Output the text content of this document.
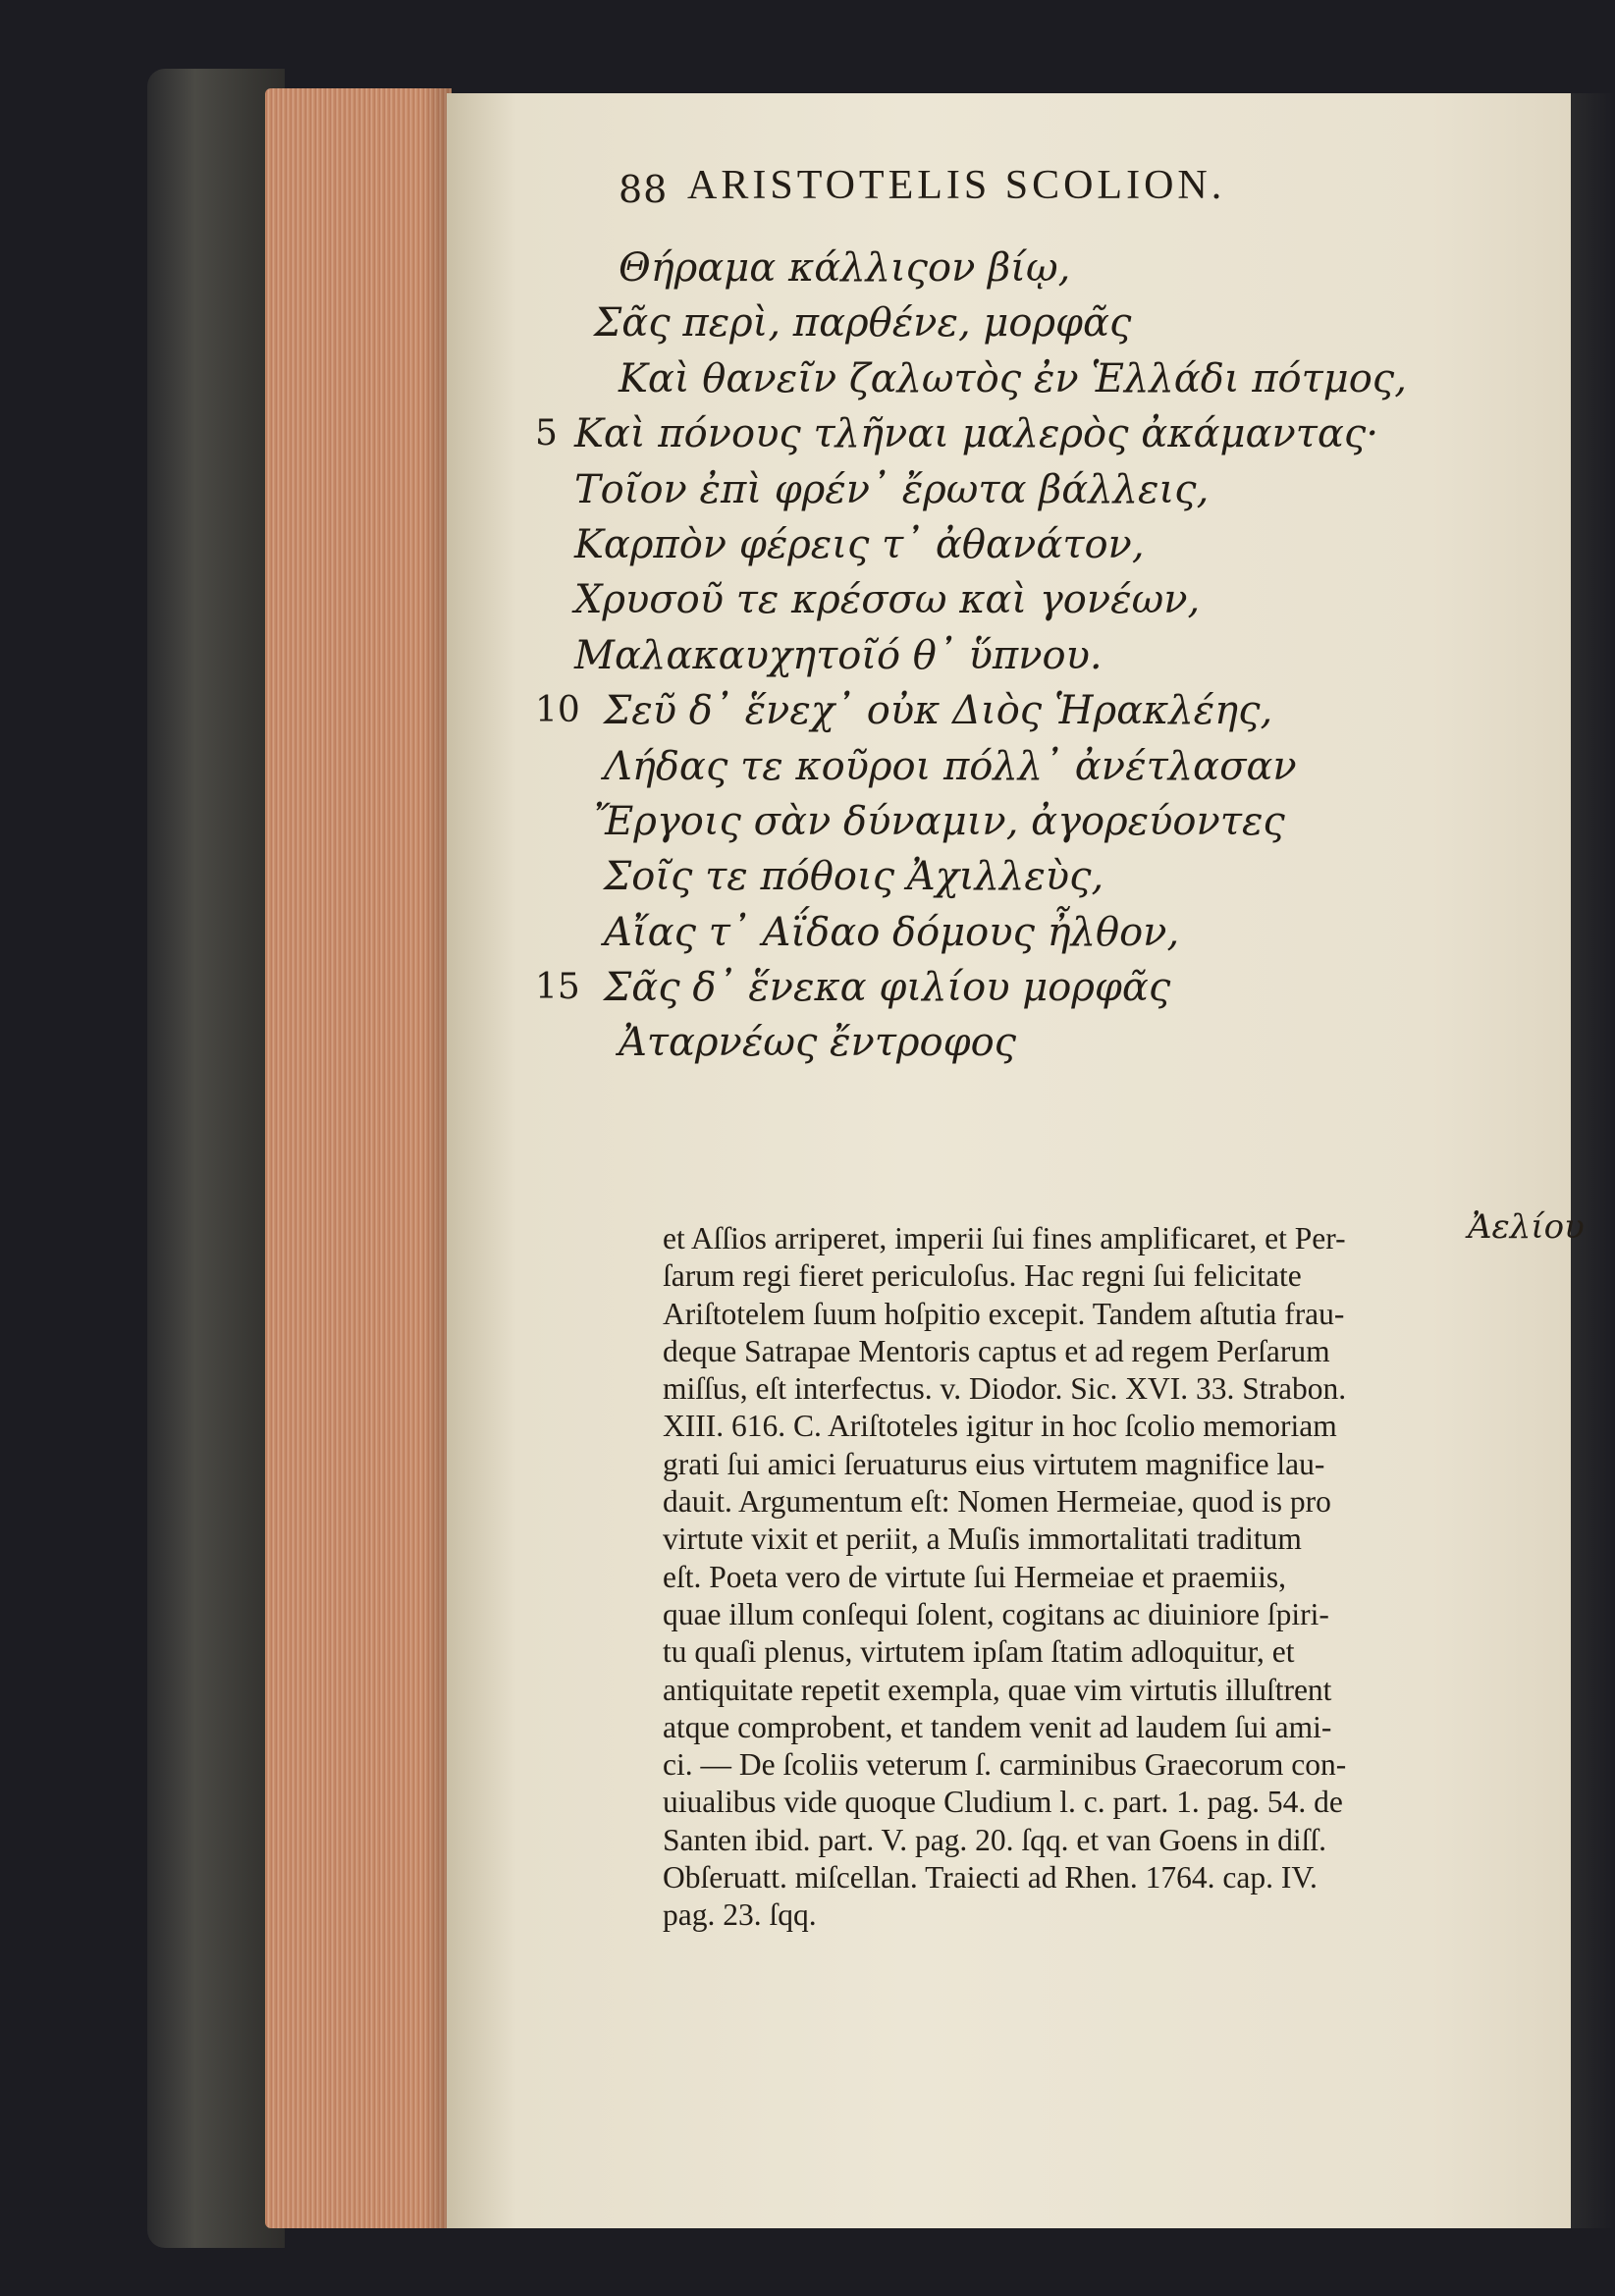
88 ARISTOTELIS SCOLION.
Θήραμα κάλλιςον βίῳ,
Σᾶς περὶ, παρθένε, μορφᾶς
Καὶ θανεῖν ζαλωτὸς ἐν Ἑλλάδι πότμος,
5 Καὶ πόνους τλῆναι μαλερὸς ἀκάμαντας·
Τοῖον ἐπὶ φρέν᾽ ἔρωτα βάλλεις,
Καρπὸν φέρεις τ᾽ ἀθανάτον,
Χρυσοῦ τε κρέσσω καὶ γονέων,
Μαλακαυχητοῖό θ᾽ ὕπνου.
10 Σεῦ δ᾽ ἕνεχ᾽ οὐκ Διὸς Ἡρακλέης,
Λήδας τε κοῦροι πόλλ᾽ ἀνέτλασαν
Ἔργοις σὰν δύναμιν, ἀγορεύοντες
Σοῖς τε πόθοις Ἀχιλλεὺς,
Αἴας τ᾽ Αΐδαο δόμους ἦλθον,
15 Σᾶς δ᾽ ἕνεκα φιλίου μορφᾶς
Ἀταρνέως ἔντροφος
Ἀελίου
et Aſſios arriperet, imperii ſui fines amplificaret, et Per-
ſarum regi fieret periculoſus. Hac regni ſui felicitate
Ariſtotelem ſuum hoſpitio excepit. Tandem aſtutia frau-
deque Satrapae Mentoris captus et ad regem Perſarum
miſſus, eſt interfectus. v. Diodor. Sic. XVI. 33. Strabon.
XIII. 616. C. Ariſtoteles igitur in hoc ſcolio memoriam
grati ſui amici ſeruaturus eius virtutem magnifice lau-
dauit. Argumentum eſt: Nomen Hermeiae, quod is pro
virtute vixit et periit, a Muſis immortalitati traditum
eſt. Poeta vero de virtute ſui Hermeiae et praemiis,
quae illum conſequi ſolent, cogitans ac diuiniore ſpiri-
tu quaſi plenus, virtutem ipſam ſtatim adloquitur, et
antiquitate repetit exempla, quae vim virtutis illuſtrent
atque comprobent, et tandem venit ad laudem ſui ami-
ci. — De ſcoliis veterum ſ. carminibus Graecorum con-
uiualibus vide quoque Cludium l. c. part. 1. pag. 54. de
Santen ibid. part. V. pag. 20. ſqq. et van Goens in diſſ.
Obſeruatt. miſcellan. Traiecti ad Rhen. 1764. cap. IV.
pag. 23. ſqq.
